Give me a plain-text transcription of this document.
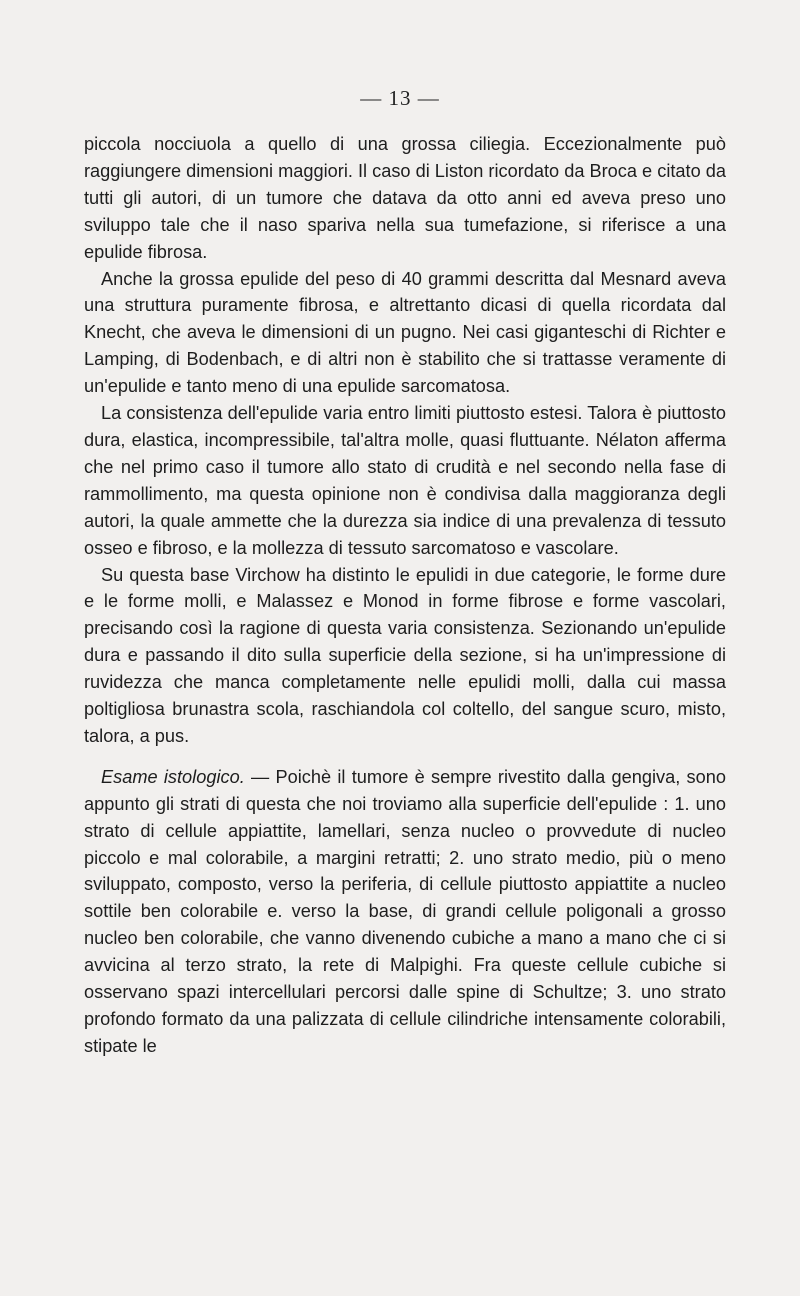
— 13 —

piccola nocciuola a quello di una grossa ciliegia. Eccezionalmente può raggiungere dimensioni maggiori. Il caso di Liston ricordato da Broca e citato da tutti gli autori, di un tumore che datava da otto anni ed aveva preso uno sviluppo tale che il naso spariva nella sua tumefazione, si riferisce a una epulide fibrosa.

Anche la grossa epulide del peso di 40 grammi descritta dal Mesnard aveva una struttura puramente fibrosa, e altrettanto dicasi di quella ricordata dal Knecht, che aveva le dimensioni di un pugno. Nei casi giganteschi di Richter e Lamping, di Bodenbach, e di altri non è stabilito che si trattasse veramente di un'epulide e tanto meno di una epulide sarcomatosa.

La consistenza dell'epulide varia entro limiti piuttosto estesi. Talora è piuttosto dura, elastica, incompressibile, tal'altra molle, quasi fluttuante. Nélaton afferma che nel primo caso il tumore allo stato di crudità e nel secondo nella fase di rammollimento, ma questa opinione non è condivisa dalla maggioranza degli autori, la quale ammette che la durezza sia indice di una prevalenza di tessuto osseo e fibroso, e la mollezza di tessuto sarcomatoso e vascolare.

Su questa base Virchow ha distinto le epulidi in due categorie, le forme dure e le forme molli, e Malassez e Monod in forme fibrose e forme vascolari, precisando così la ragione di questa varia consistenza. Sezionando un'epulide dura e passando il dito sulla superficie della sezione, si ha un'impressione di ruvidezza che manca completamente nelle epulidi molli, dalla cui massa poltigliosa brunastra scola, raschiandola col coltello, del sangue scuro, misto, talora, a pus.

Esame istologico. — Poichè il tumore è sempre rivestito dalla gengiva, sono appunto gli strati di questa che noi troviamo alla superficie dell'epulide : 1. uno strato di cellule appiattite, lamellari, senza nucleo o provvedute di nucleo piccolo e mal colorabile, a margini retratti; 2. uno strato medio, più o meno sviluppato, composto, verso la periferia, di cellule piuttosto appiattite a nucleo sottile ben colorabile e. verso la base, di grandi cellule poligonali a grosso nucleo ben colorabile, che vanno divenendo cubiche a mano a mano che ci si avvicina al terzo strato, la rete di Malpighi. Fra queste cellule cubiche si osservano spazi intercellulari percorsi dalle spine di Schultze; 3. uno strato profondo formato da una palizzata di cellule cilindriche intensamente colorabili, stipate le
